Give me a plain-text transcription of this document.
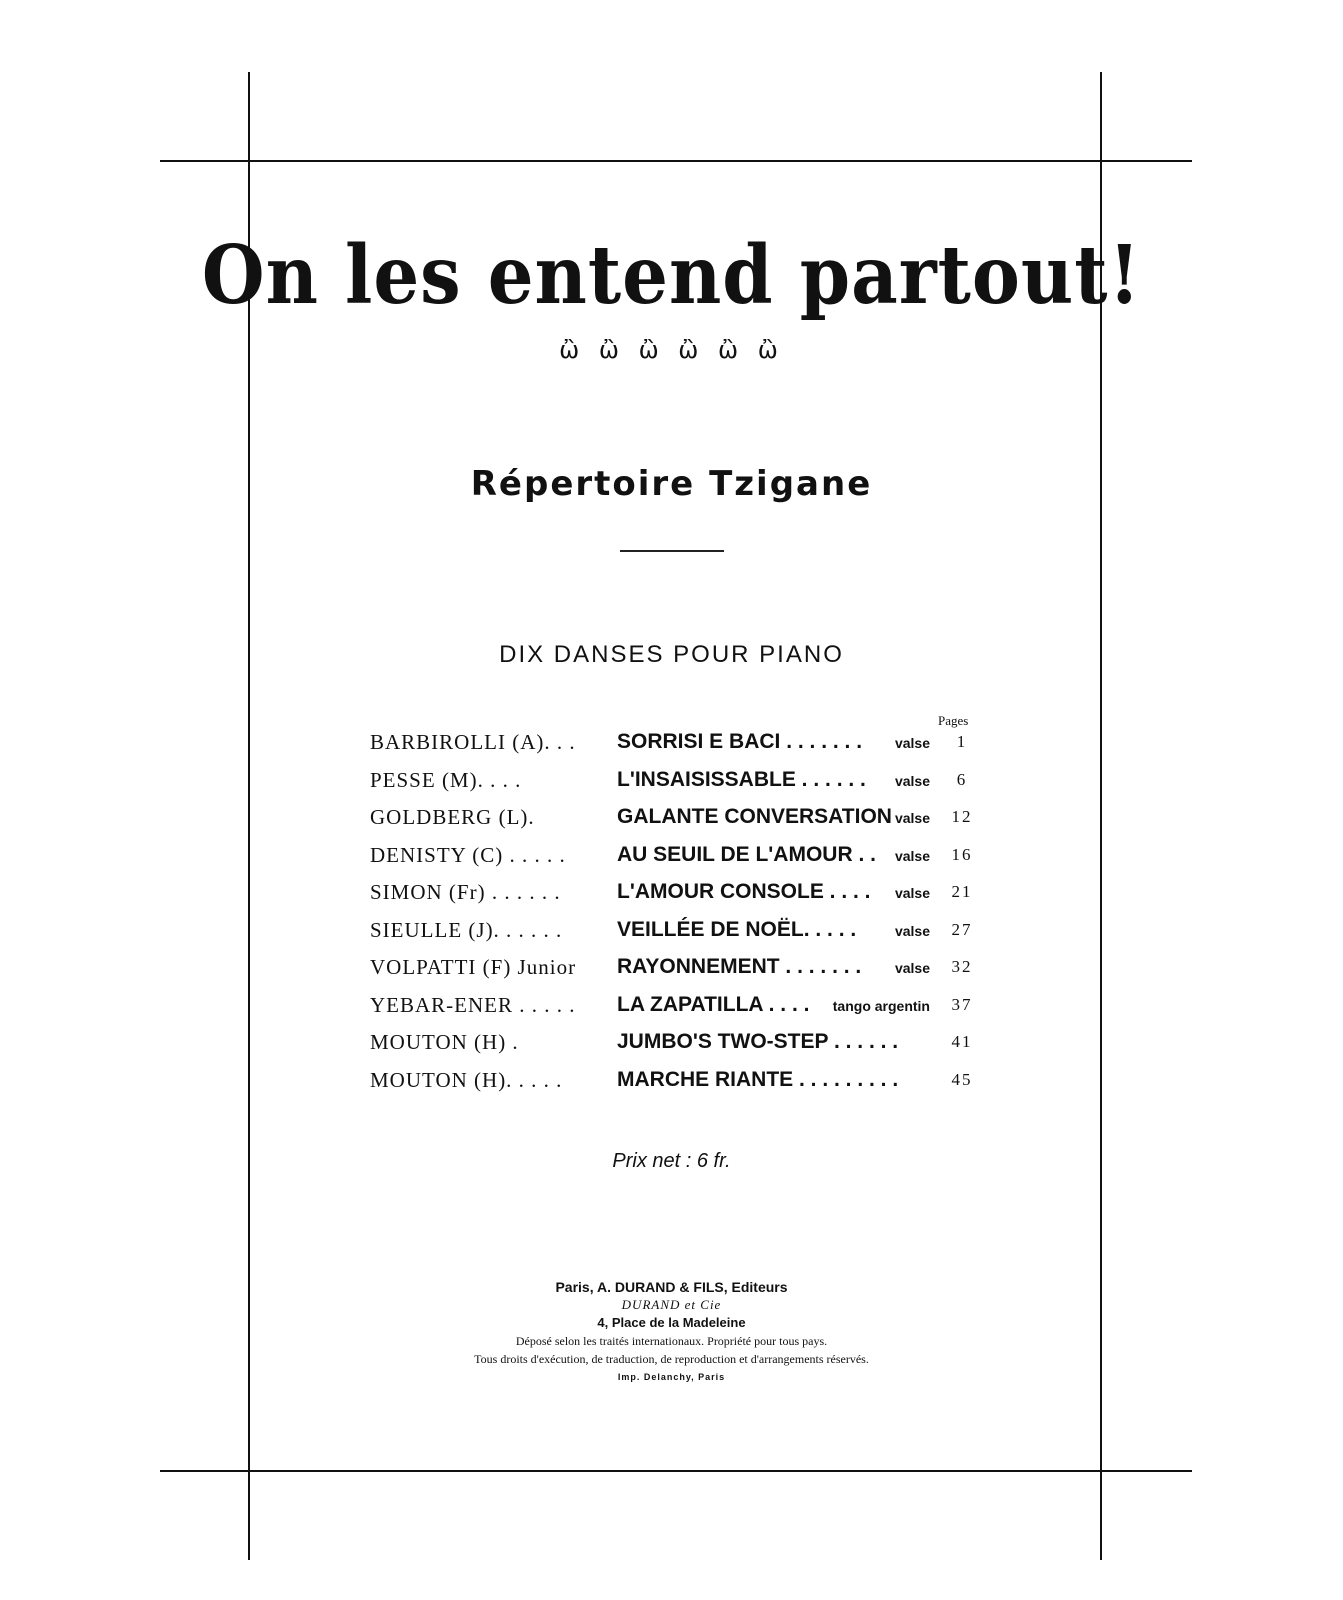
On les entend partout!
ὢ ὢ ὢ ὢ ὢ ὢ
Répertoire Tzigane
DIX DANSES POUR PIANO
Pages
BARBIROLLI (A). . .	SORRISI E BACI . . . . . . . valse	1
PESSE (M). . . .	L'INSAISISSABLE . . . . . . valse	6
GOLDBERG (L).	GALANTE CONVERSATION valse	12
DENISTY (C) . . . . .	AU SEUIL DE L'AMOUR . . valse	16
SIMON (Fr) . . . . . .	L'AMOUR CONSOLE . . . . valse	21
SIEULLE (J). . . . . .	VEILLÉE DE NOËL. . . . .	valse	27
VOLPATTI (F) Junior	RAYONNEMENT . . . . . . . valse	32
YEBAR-ENER . . . . .	LA ZAPATILLA . . . . tango argentin	37
MOUTON (H) .	JUMBO'S TWO-STEP . . . . . .	41
MOUTON (H). . . . .	MARCHE RIANTE . . . . . . . . .	45
Prix net : 6 fr.
Paris, A. DURAND & FILS, Editeurs
DURAND et Cie
4, Place de la Madeleine
Déposé selon les traités internationaux. Propriété pour tous pays.
Tous droits d'exécution, de traduction, de reproduction et d'arrangements réservés.
Imp. Delanchy, Paris
